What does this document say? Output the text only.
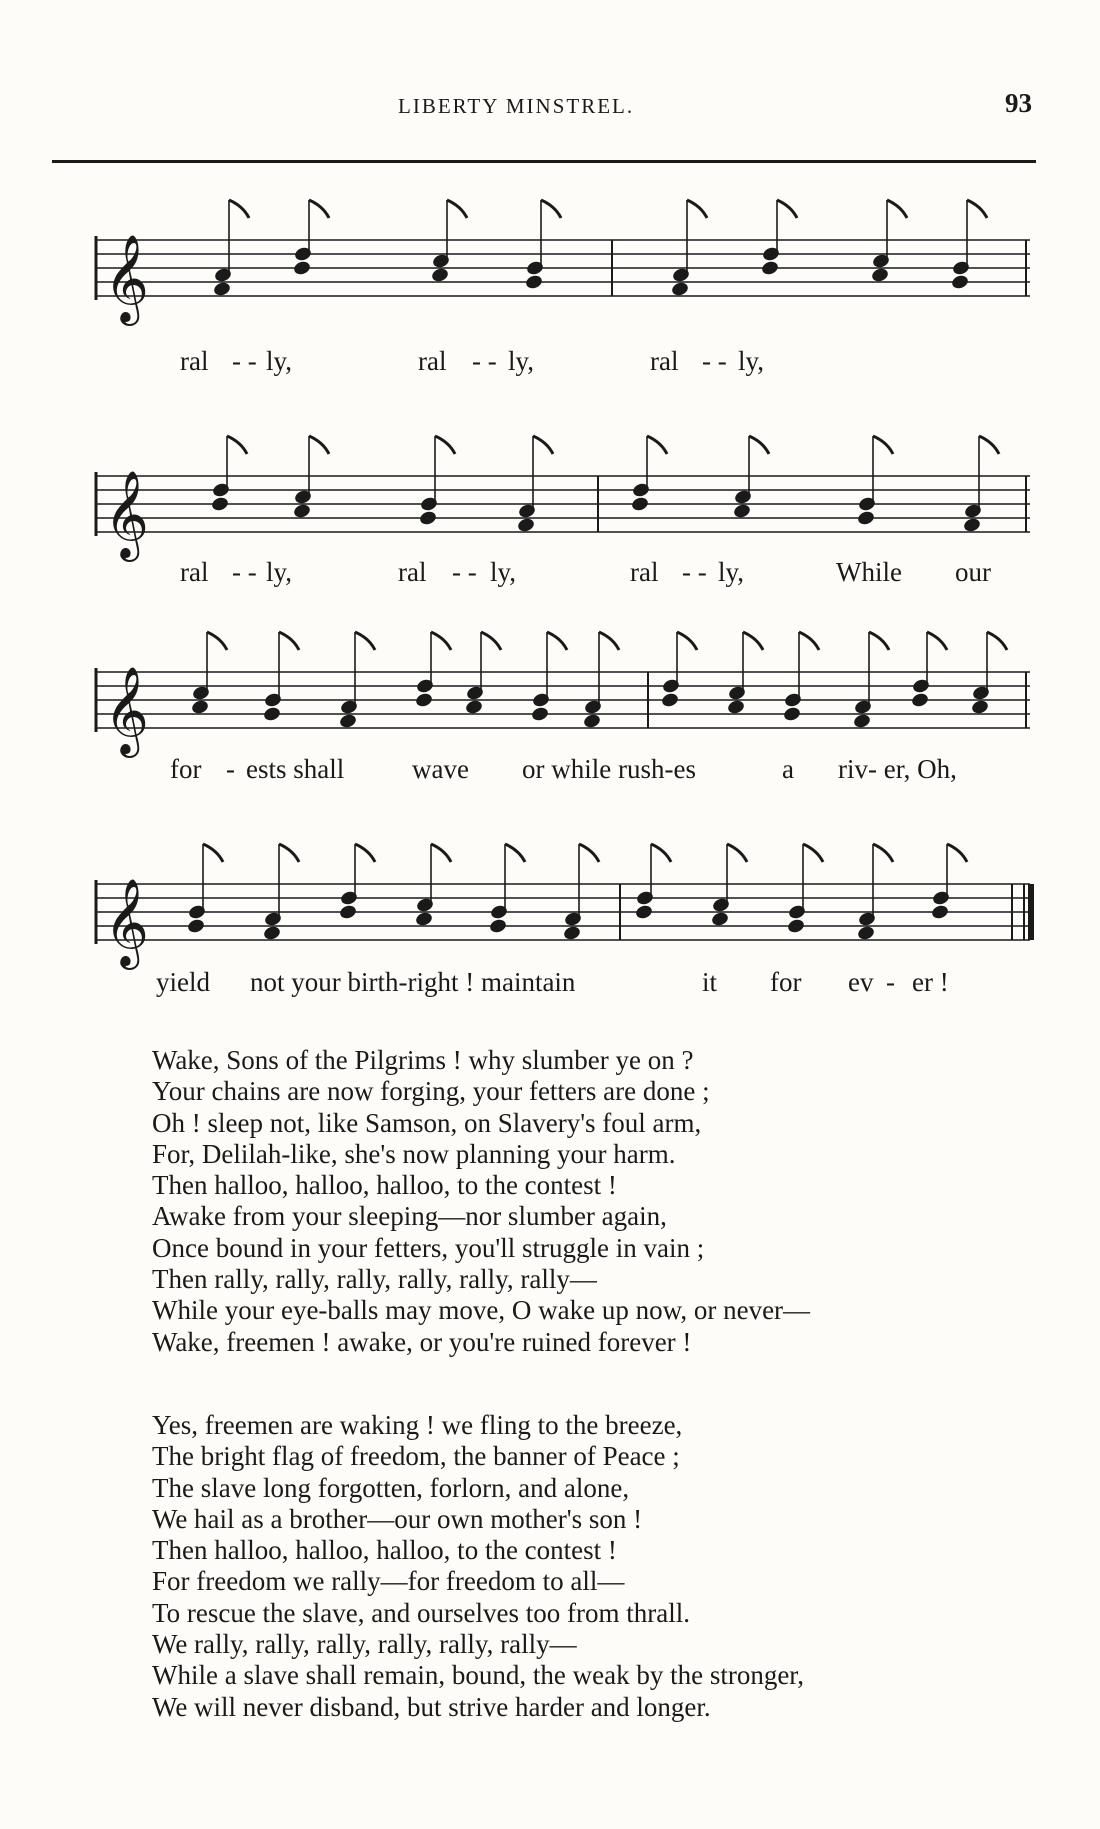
LIBERTY MINSTREL.	93
𝄞
𝄞
𝄞
𝄞
ral - - ly,	ral - - ly,	ral - - ly,
ral - - ly,	ral - - ly,	ral - - ly,	While our
for - ests shall	wave or while rush-es	a riv- er, Oh,
yield not your birth-right ! maintain	it for ev - er !
Wake, Sons of the Pilgrims ! why slumber ye on ?
Your chains are now forging, your fetters are done ;
Oh ! sleep not, like Samson, on Slavery's foul arm,
For, Delilah-like, she's now planning your harm.
Then halloo, halloo, halloo, to the contest !
Awake from your sleeping—nor slumber again,
Once bound in your fetters, you'll struggle in vain ;
Then rally, rally, rally, rally, rally, rally—
While your eye-balls may move, O wake up now, or never—
Wake, freemen ! awake, or you're ruined forever !
Yes, freemen are waking ! we fling to the breeze,
The bright flag of freedom, the banner of Peace ;
The slave long forgotten, forlorn, and alone,
We hail as a brother—our own mother's son !
Then halloo, halloo, halloo, to the contest !
For freedom we rally—for freedom to all—
To rescue the slave, and ourselves too from thrall.
We rally, rally, rally, rally, rally, rally—
While a slave shall remain, bound, the weak by the stronger,
We will never disband, but strive harder and longer.
